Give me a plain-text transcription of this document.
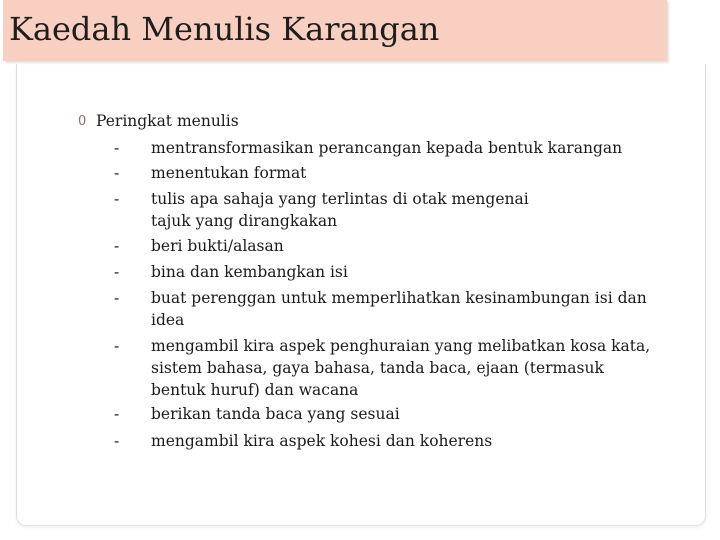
Kaedah Menulis Karangan
0 Peringkat menulis
- mentransformasikan perancangan kepada bentuk karangan
- menentukan format
- tulis apa sahaja yang terlintas di otak mengenai
tajuk yang dirangkakan
- beri bukti/alasan
- bina dan kembangkan isi
- buat perenggan untuk memperlihatkan kesinambungan isi dan
idea
- mengambil kira aspek penghuraian yang melibatkan kosa kata,
sistem bahasa, gaya bahasa, tanda baca, ejaan (termasuk
bentuk huruf) dan wacana
- berikan tanda baca yang sesuai
- mengambil kira aspek kohesi dan koherens
